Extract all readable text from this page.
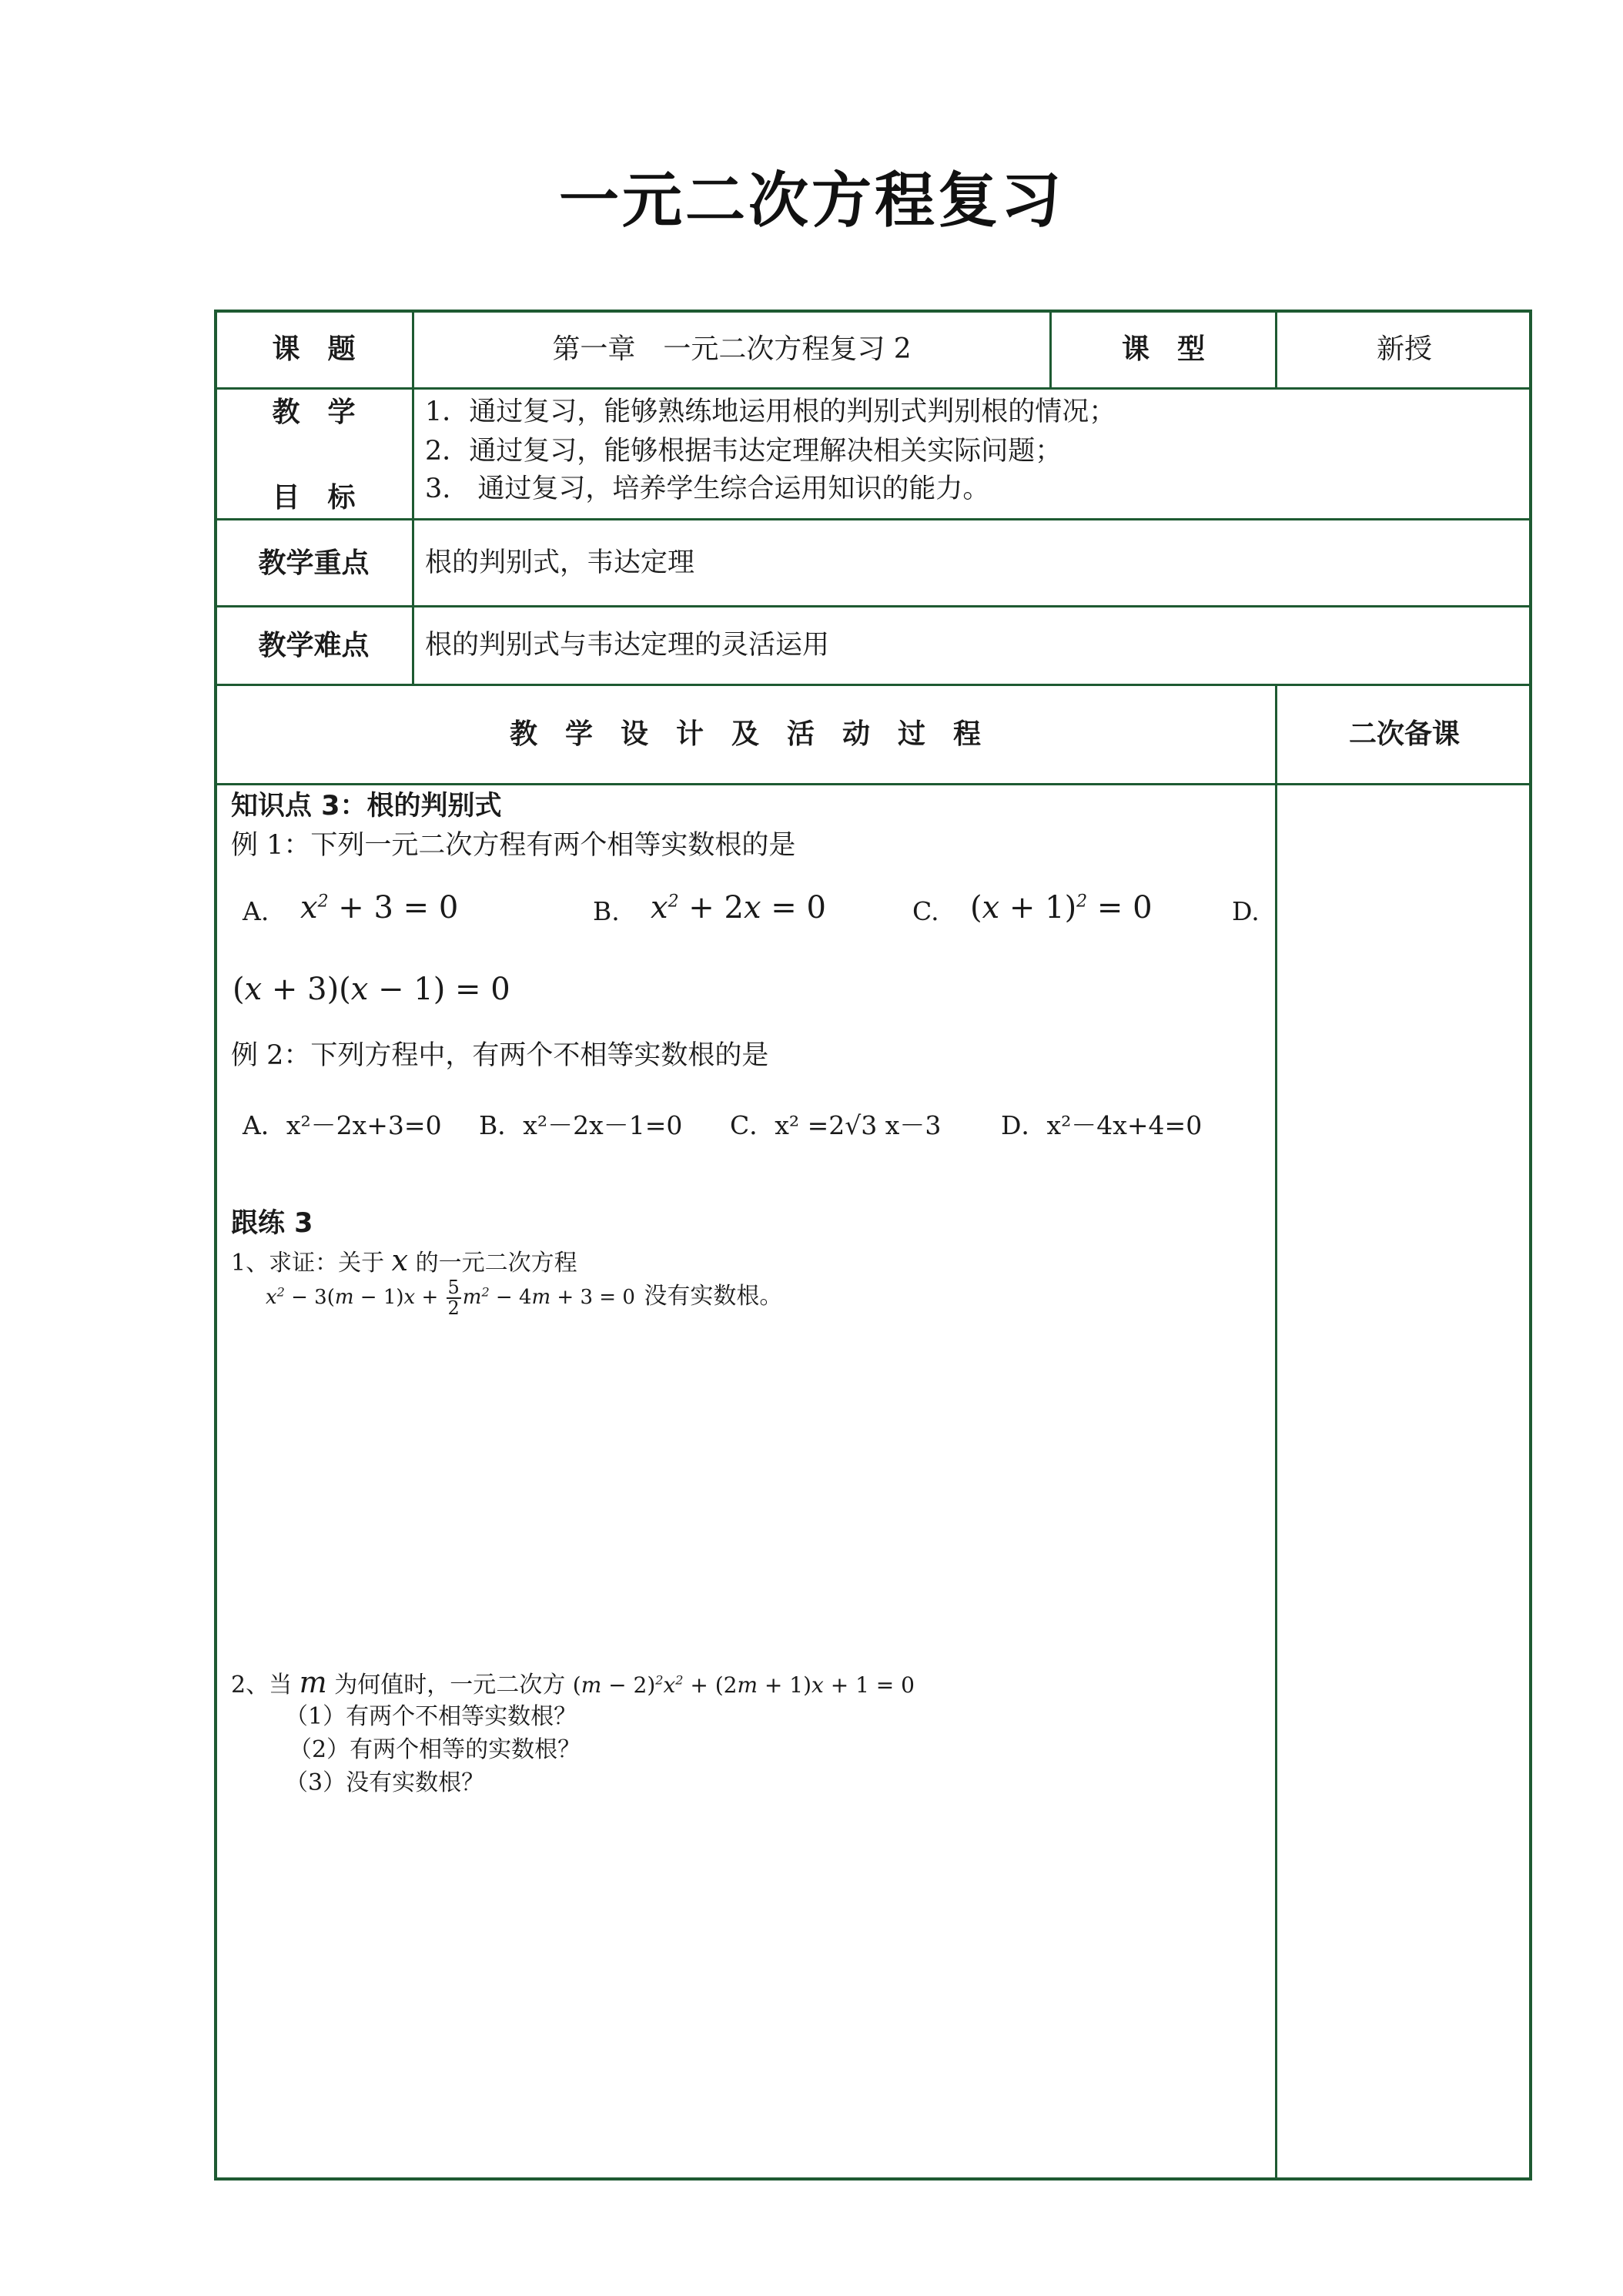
一元二次方程复习
课　题	第一章　一元二次方程复习 2	课　型	新授
教　学
目　标
1．通过复习，能够熟练地运用根的判别式判别根的情况；
2．通过复习，能够根据韦达定理解决相关实际问题；
3.　通过复习，培养学生综合运用知识的能力。
教学重点	根的判别式，韦达定理
教学难点	根的判别式与韦达定理的灵活运用
教　学　设　计　及　活　动　过　程	二次备课
知识点 3：根的判别式
例 1：下列一元二次方程有两个相等实数根的是
A. $x^2 + 3 = 0$	B. $x^2 + 2x = 0$	C. $(x + 1)^2 = 0$	D.
(x + 3)(x − 1) = 0
例 2：下列方程中，有两个不相等实数根的是
A．x²－2x+3=0 B．x²－2x－1=0 C．x² =2√3 x－3 D．x²－4x+4=0
跟练 3
1、求证：关于 x 的一元二次方程
$x^2 - 3(m - 1)x + \frac{5}{2} m^2 - 4m + 3 = 0$ 没有实数根。
2、当 m 为何值时，一元二次方 $(m - 2)^2x^2 + (2m + 1)x + 1 = 0$
（1）有两个不相等实数根？
（2）有两个相等的实数根？
（3）没有实数根？
